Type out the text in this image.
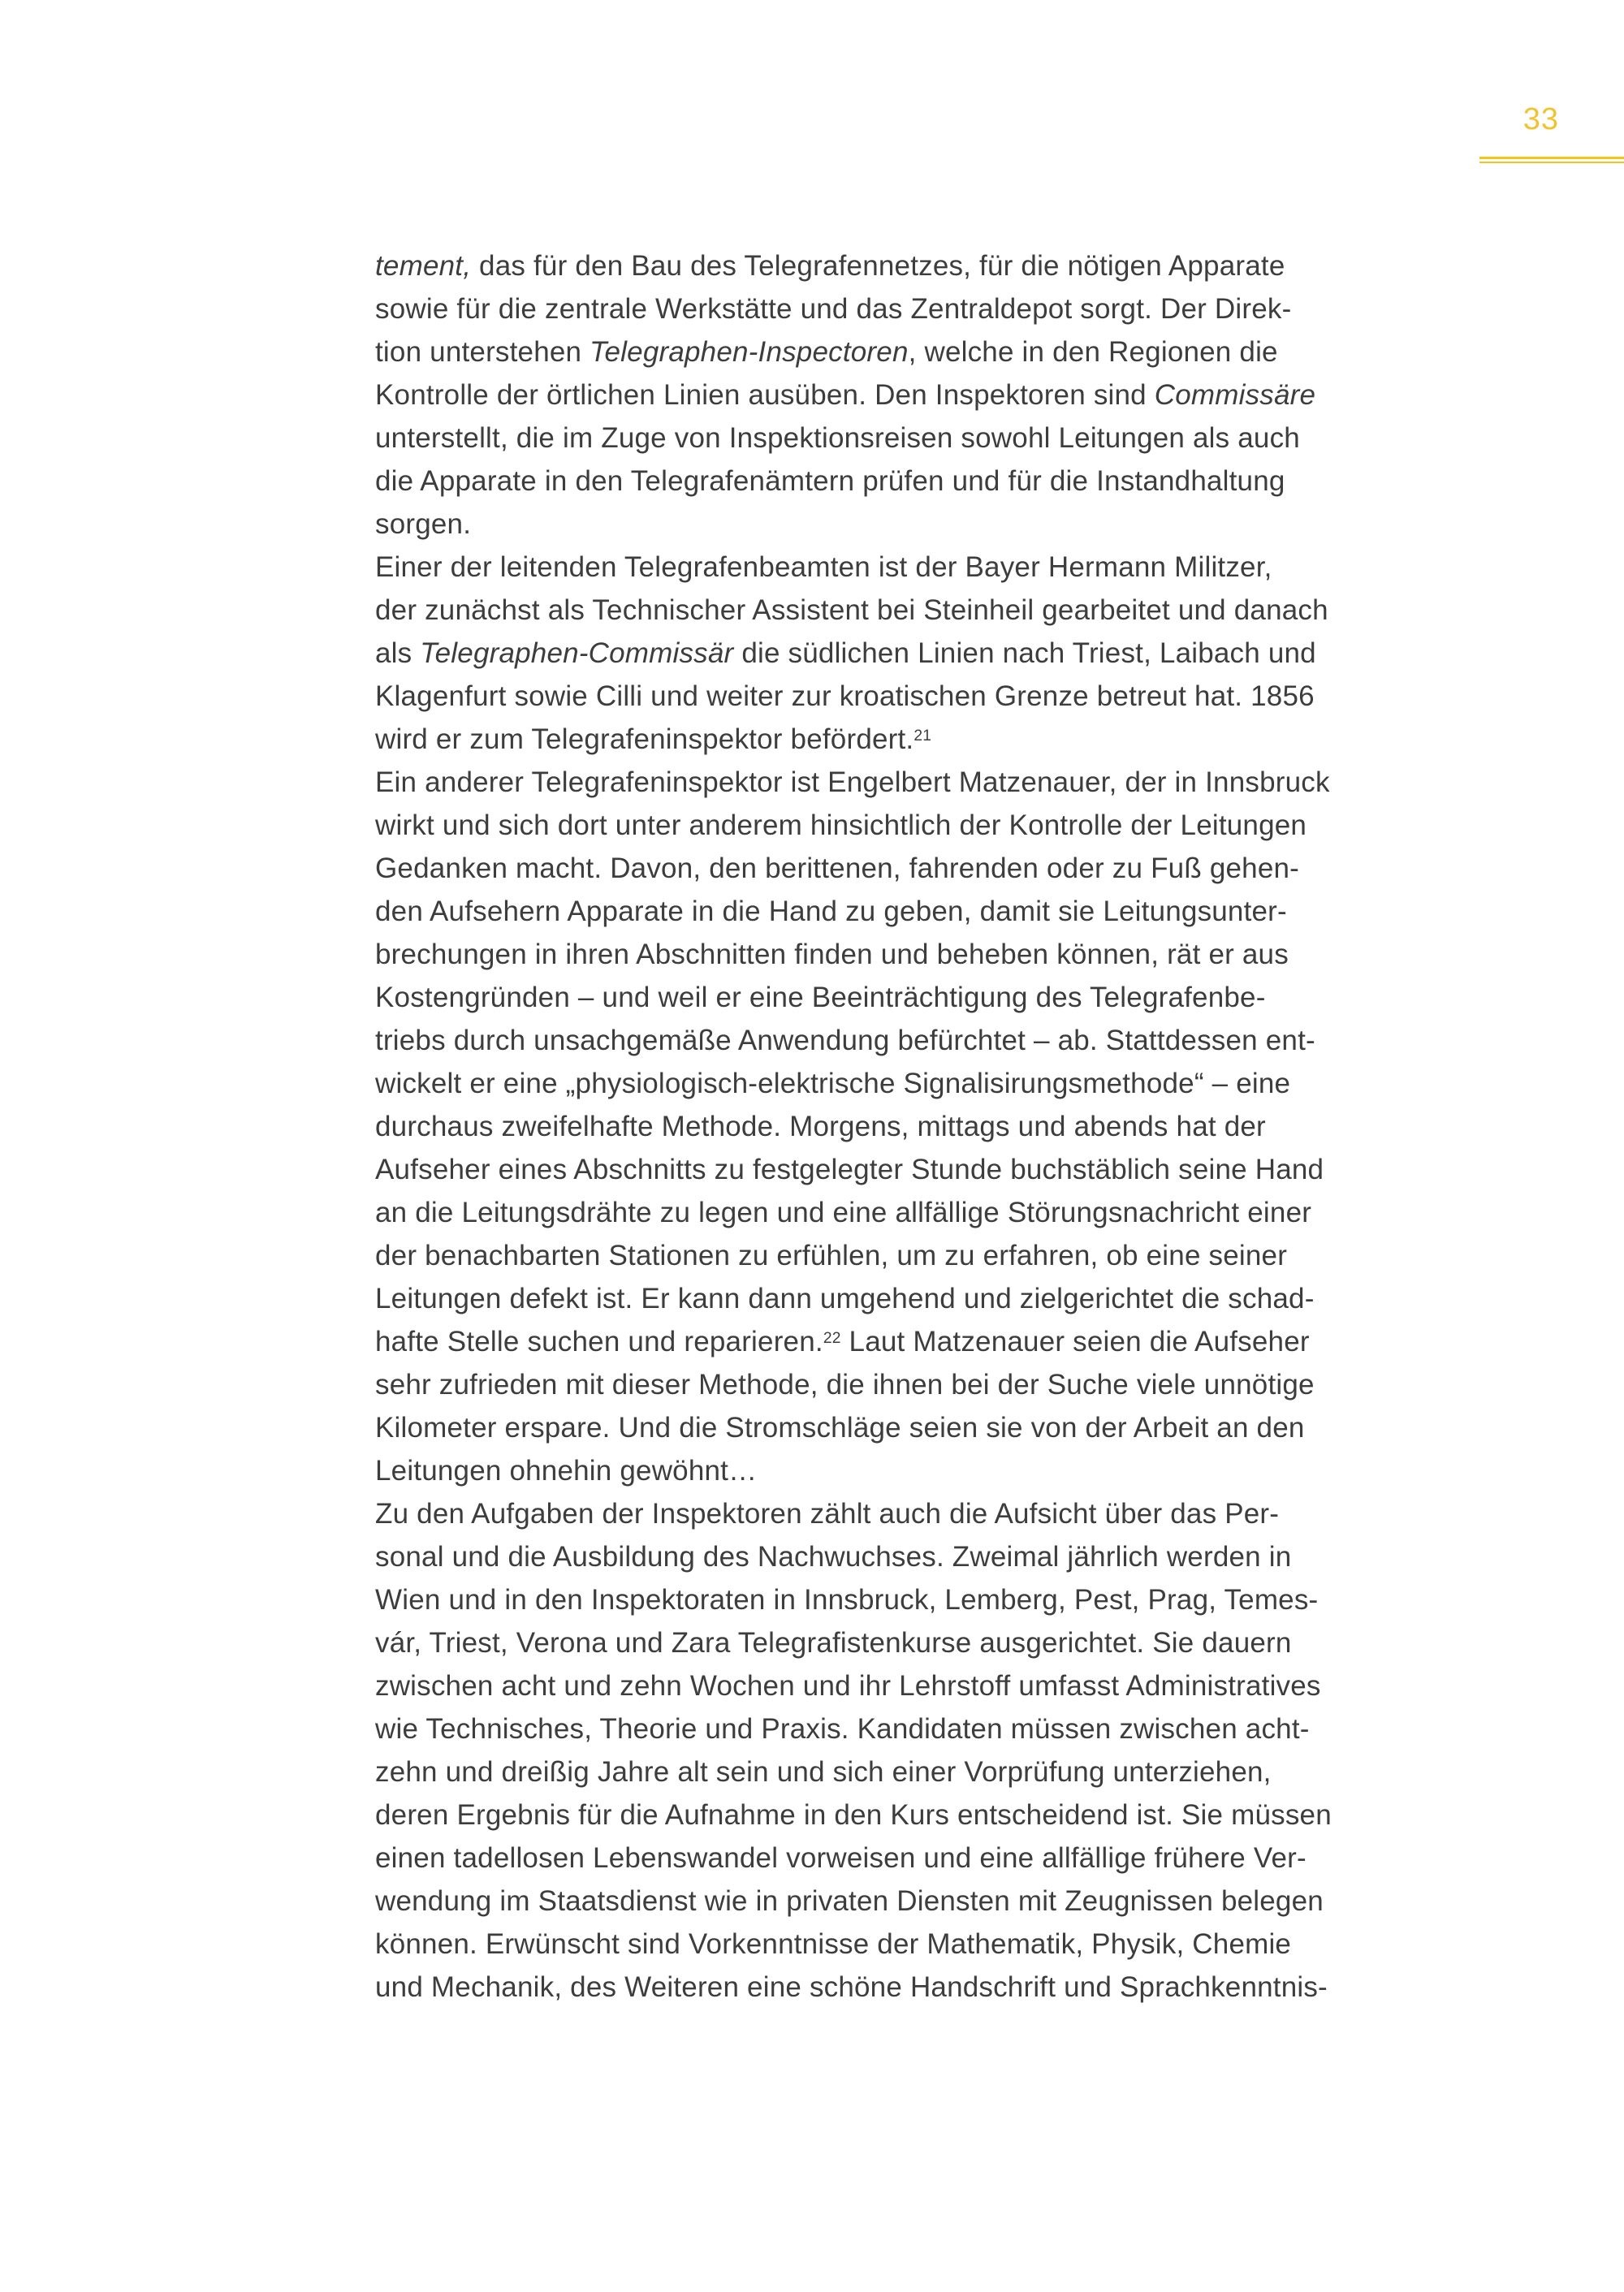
33
tement, das für den Bau des Telegrafennetzes, für die nötigen Apparate
sowie für die zentrale Werkstätte und das Zentraldepot sorgt. Der Direk-
tion unterstehen Telegraphen-Inspectoren, welche in den Regionen die
Kontrolle der örtlichen Linien ausüben. Den Inspektoren sind Commissäre
unterstellt, die im Zuge von Inspektionsreisen sowohl Leitungen als auch
die Apparate in den Telegrafenämtern prüfen und für die Instandhaltung
sorgen.
Einer der leitenden Telegrafenbeamten ist der Bayer Hermann Militzer,
der zunächst als Technischer Assistent bei Steinheil gearbeitet und danach
als Telegraphen-Commissär die südlichen Linien nach Triest, Laibach und
Klagenfurt sowie Cilli und weiter zur kroatischen Grenze betreut hat. 1856
wird er zum Telegrafeninspektor befördert.$^{21}$
Ein anderer Telegrafeninspektor ist Engelbert Matzenauer, der in Innsbruck
wirkt und sich dort unter anderem hinsichtlich der Kontrolle der Leitungen
Gedanken macht. Davon, den berittenen, fahrenden oder zu Fuß gehen-
den Aufsehern Apparate in die Hand zu geben, damit sie Leitungsunter-
brechungen in ihren Abschnitten finden und beheben können, rät er aus
Kostengründen – und weil er eine Beeinträchtigung des Telegrafenbe-
triebs durch unsachgemäße Anwendung befürchtet – ab. Stattdessen ent-
wickelt er eine „physiologisch-elektrische Signalisirungsmethode“ – eine
durchaus zweifelhafte Methode. Morgens, mittags und abends hat der
Aufseher eines Abschnitts zu festgelegter Stunde buchstäblich seine Hand
an die Leitungsdrähte zu legen und eine allfällige Störungsnachricht einer
der benachbarten Stationen zu erfühlen, um zu erfahren, ob eine seiner
Leitungen defekt ist. Er kann dann umgehend und zielgerichtet die schad-
hafte Stelle suchen und reparieren.$^{22}$ Laut Matzenauer seien die Aufseher
sehr zufrieden mit dieser Methode, die ihnen bei der Suche viele unnötige
Kilometer erspare. Und die Stromschläge seien sie von der Arbeit an den
Leitungen ohnehin gewöhnt…
Zu den Aufgaben der Inspektoren zählt auch die Aufsicht über das Per-
sonal und die Ausbildung des Nachwuchses. Zweimal jährlich werden in
Wien und in den Inspektoraten in Innsbruck, Lemberg, Pest, Prag, Temes-
vár, Triest, Verona und Zara Telegrafistenkurse ausgerichtet. Sie dauern
zwischen acht und zehn Wochen und ihr Lehrstoff umfasst Administratives
wie Technisches, Theorie und Praxis. Kandidaten müssen zwischen acht-
zehn und dreißig Jahre alt sein und sich einer Vorprüfung unterziehen,
deren Ergebnis für die Aufnahme in den Kurs entscheidend ist. Sie müssen
einen tadellosen Lebenswandel vorweisen und eine allfällige frühere Ver-
wendung im Staatsdienst wie in privaten Diensten mit Zeugnissen belegen
können. Erwünscht sind Vorkenntnisse der Mathematik, Physik, Chemie
und Mechanik, des Weiteren eine schöne Handschrift und Sprachkenntnis-
